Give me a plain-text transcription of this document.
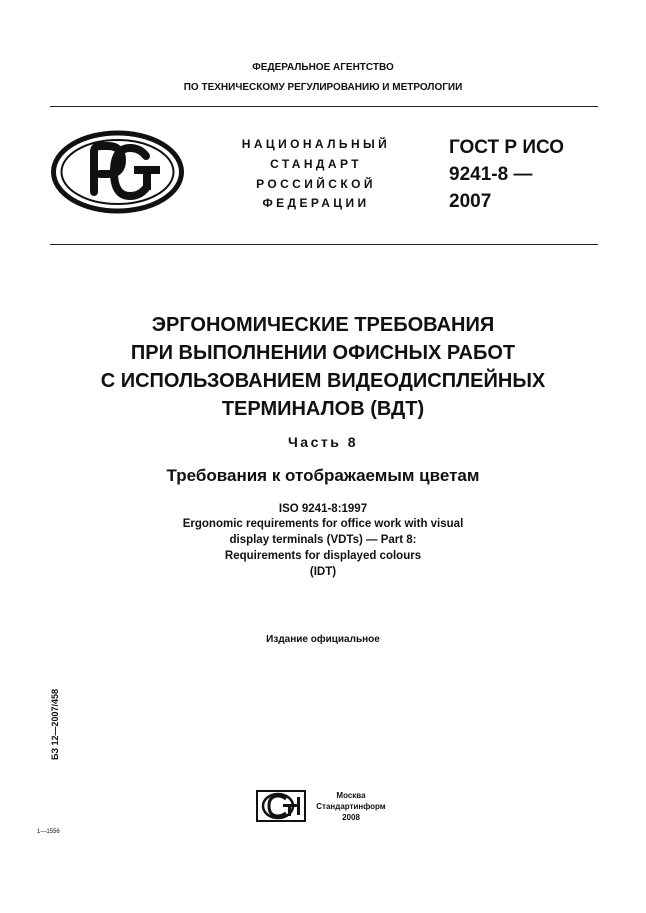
ФЕДЕРАЛЬНОЕ АГЕНТСТВО
ПО ТЕХНИЧЕСКОМУ РЕГУЛИРОВАНИЮ И МЕТРОЛОГИИ
НАЦИОНАЛЬНЫЙ
СТАНДАРТ
РОССИЙСКОЙ
ФЕДЕРАЦИИ
ГОСТ Р ИСО
9241-8 —
2007
ЭРГОНОМИЧЕСКИЕ ТРЕБОВАНИЯ
ПРИ ВЫПОЛНЕНИИ ОФИСНЫХ РАБОТ
С ИСПОЛЬЗОВАНИЕМ ВИДЕОДИСПЛЕЙНЫХ
ТЕРМИНАЛОВ (ВДТ)
Часть 8
Требования к отображаемым цветам
ISO 9241-8:1997
Ergonomic requirements for office work with visual
display terminals (VDTs) — Part 8:
Requirements for displayed colours
(IDT)
Издание официальное
БЗ 12—2007/458
Москва
Стандартинформ
2008
1—1556
